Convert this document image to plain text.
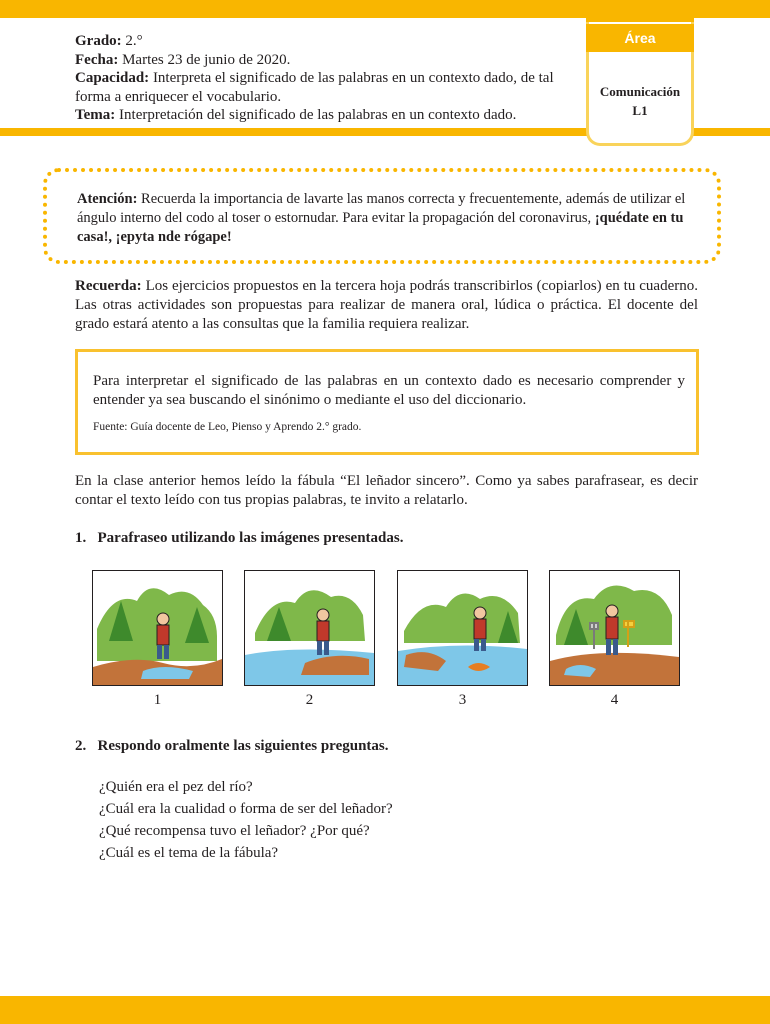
Grado: 2.°

Fecha: Martes 23 de junio de 2020.

Capacidad: Interpreta el significado de las palabras en un contexto dado, de tal forma a enriquecer el vocabulario.

Tema: Interpretación del significado de las palabras en un contexto dado.

Área
Comunicación
L1

Atención: Recuerda la importancia de lavarte las manos correcta y frecuentemente, además de utilizar el ángulo interno del codo al toser o estornudar. Para evitar la propagación del coronavirus, ¡quédate en tu casa!, ¡epyta nde rógape!

Recuerda: Los ejercicios propuestos en la tercera hoja podrás transcribirlos (copiarlos) en tu cuaderno. Las otras actividades son propuestas para realizar de manera oral, lúdica o práctica. El docente del grado estará atento a las consultas que la familia requiera realizar.

Para interpretar el significado de las palabras en un contexto dado es necesario comprender y entender ya sea buscando el sinónimo o mediante el uso del diccionario.

Fuente: Guía docente de Leo, Pienso y Aprendo 2.° grado.

En la clase anterior hemos leído la fábula “El leñador sincero”. Como ya sabes parafrasear, es decir contar el texto leído con tus propias palabras, te invito a relatarlo.

1. Parafraseo utilizando las imágenes presentadas.

1	2	3	4

2. Respondo oralmente las siguientes preguntas.

¿Quién era el pez del río?
¿Cuál era la cualidad o forma de ser del leñador?
¿Qué recompensa tuvo el leñador? ¿Por qué?
¿Cuál es el tema de la fábula?
